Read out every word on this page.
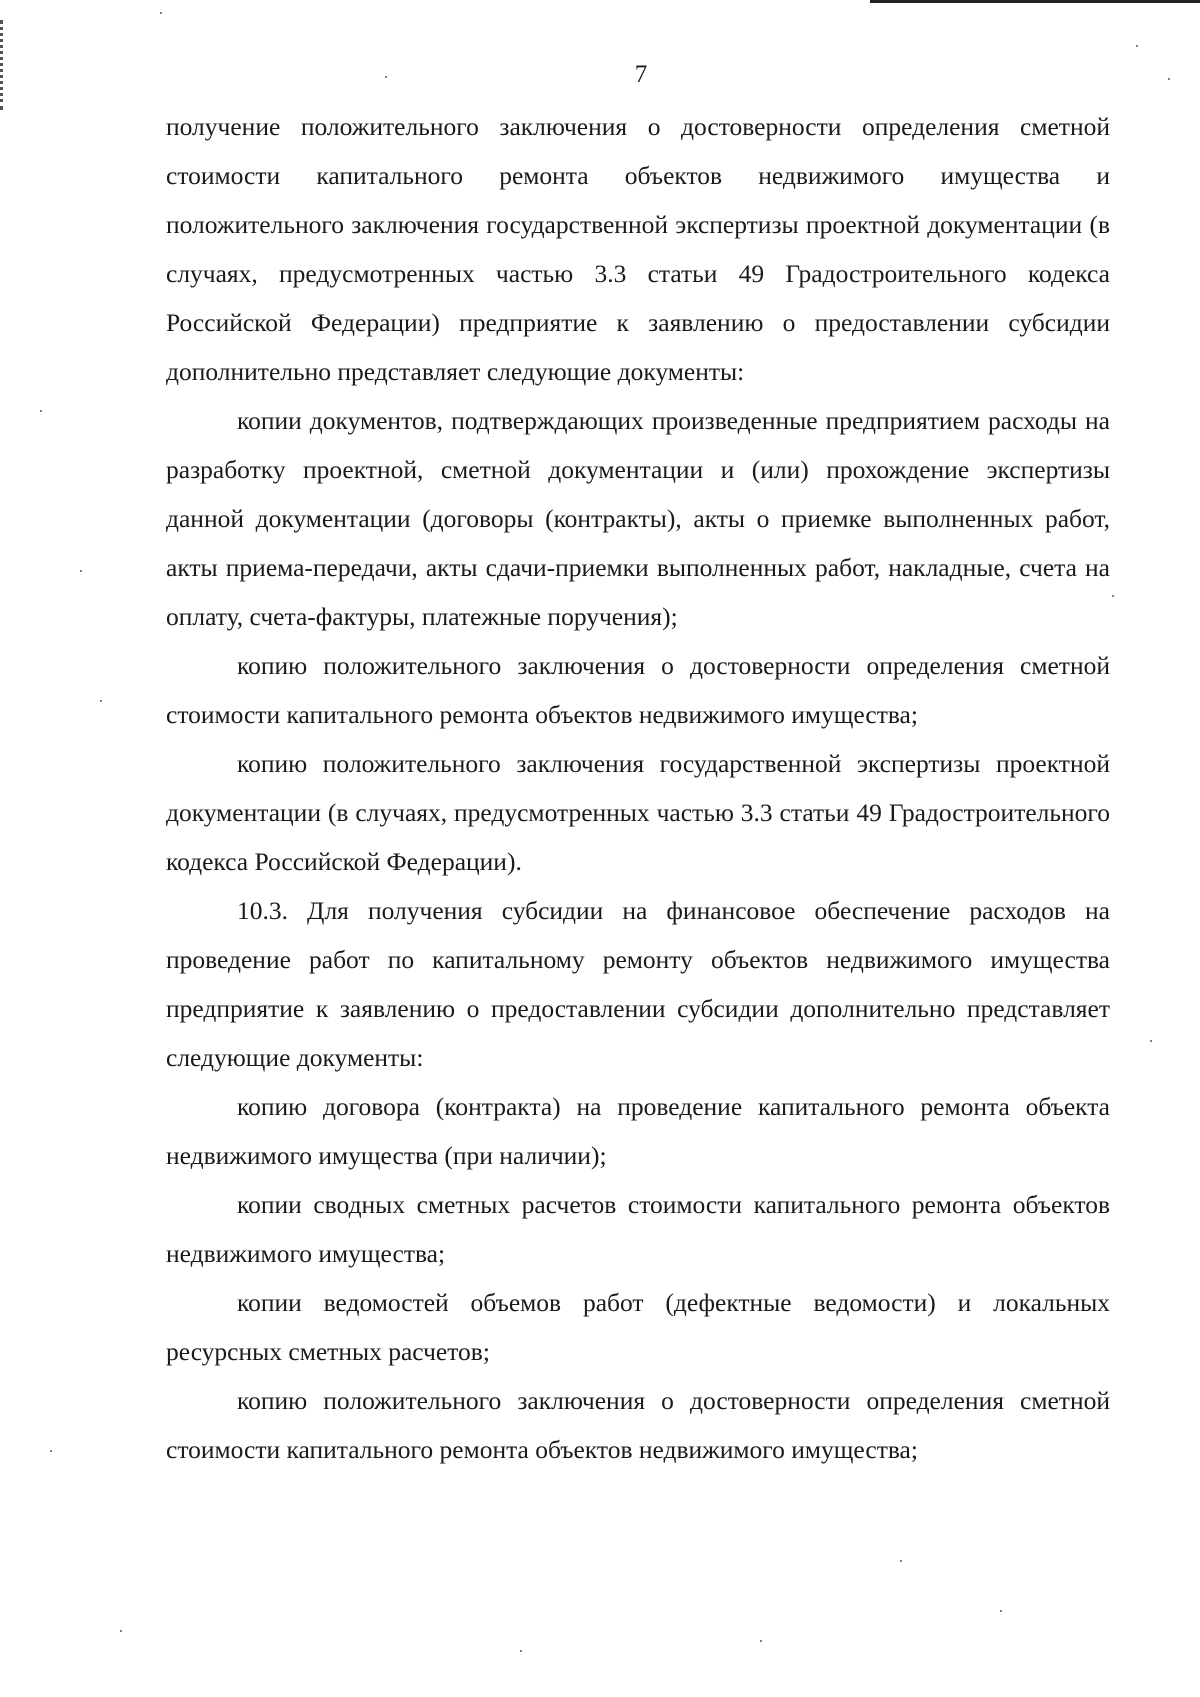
7

получение положительного заключения о достоверности определения сметной стоимости капитального ремонта объектов недвижимого имущества и положительного заключения государственной экспертизы проектной документации (в случаях, предусмотренных частью 3.3 статьи 49 Градостроительного кодекса Российской Федерации) предприятие к заявлению о предоставлении субсидии дополнительно представляет следующие документы:

копии документов, подтверждающих произведенные предприятием расходы на разработку проектной, сметной документации и (или) прохождение экспертизы данной документации (договоры (контракты), акты о приемке выполненных работ, акты приема-передачи, акты сдачи-приемки выполненных работ, накладные, счета на оплату, счета-фактуры, платежные поручения);

копию положительного заключения о достоверности определения сметной стоимости капитального ремонта объектов недвижимого имущества;

копию положительного заключения государственной экспертизы проектной документации (в случаях, предусмотренных частью 3.3 статьи 49 Градостроительного кодекса Российской Федерации).

10.3. Для получения субсидии на финансовое обеспечение расходов на проведение работ по капитальному ремонту объектов недвижимого имущества предприятие к заявлению о предоставлении субсидии дополнительно представляет следующие документы:

копию договора (контракта) на проведение капитального ремонта объекта недвижимого имущества (при наличии);

копии сводных сметных расчетов стоимости капитального ремонта объектов недвижимого имущества;

копии ведомостей объемов работ (дефектные ведомости) и локальных ресурсных сметных расчетов;

копию положительного заключения о достоверности определения сметной стоимости капитального ремонта объектов недвижимого имущества;
